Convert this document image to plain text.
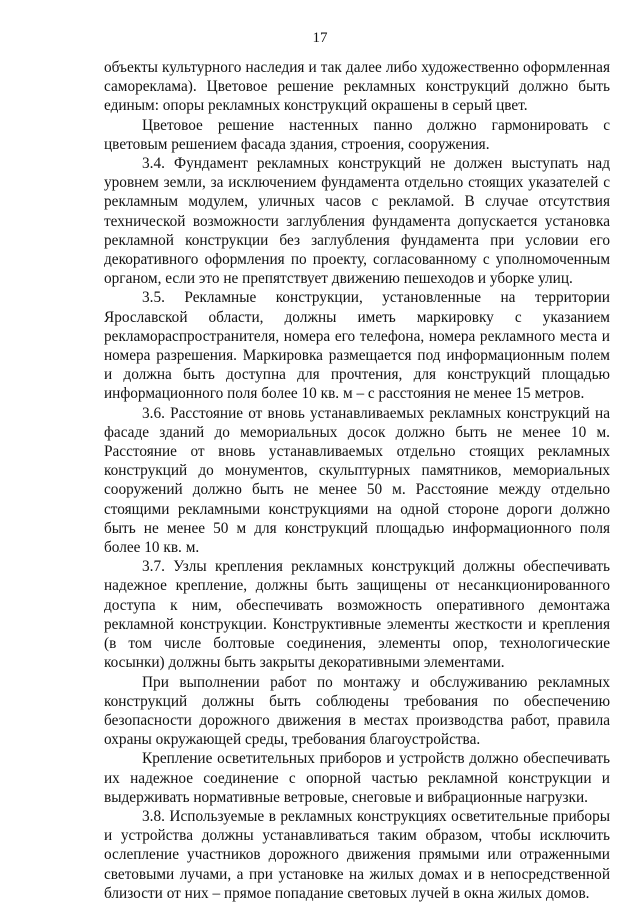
17

объекты культурного наследия и так далее либо художественно оформленная самореклама). Цветовое решение рекламных конструкций должно быть единым: опоры рекламных конструкций окрашены в серый цвет.

Цветовое решение настенных панно должно гармонировать с цветовым решением фасада здания, строения, сооружения.

3.4. Фундамент рекламных конструкций не должен выступать над уровнем земли, за исключением фундамента отдельно стоящих указателей с рекламным модулем, уличных часов с рекламой. В случае отсутствия технической возможности заглубления фундамента допускается установка рекламной конструкции без заглубления фундамента при условии его декоративного оформления по проекту, согласованному с уполномоченным органом, если это не препятствует движению пешеходов и уборке улиц.

3.5. Рекламные конструкции, установленные на территории Ярославской области, должны иметь маркировку с указанием рекламораспространителя, номера его телефона, номера рекламного места и номера разрешения. Маркировка размещается под информационным полем и должна быть доступна для прочтения, для конструкций площадью информационного поля более 10 кв. м – с расстояния не менее 15 метров.

3.6. Расстояние от вновь устанавливаемых рекламных конструкций на фасаде зданий до мемориальных досок должно быть не менее 10 м. Расстояние от вновь устанавливаемых отдельно стоящих рекламных конструкций до монументов, скульптурных памятников, мемориальных сооружений должно быть не менее 50 м. Расстояние между отдельно стоящими рекламными конструкциями на одной стороне дороги должно быть не менее 50 м для конструкций площадью информационного поля более 10 кв. м.

3.7. Узлы крепления рекламных конструкций должны обеспечивать надежное крепление, должны быть защищены от несанкционированного доступа к ним, обеспечивать возможность оперативного демонтажа рекламной конструкции. Конструктивные элементы жесткости и крепления (в том числе болтовые соединения, элементы опор, технологические косынки) должны быть закрыты декоративными элементами.

При выполнении работ по монтажу и обслуживанию рекламных конструкций должны быть соблюдены требования по обеспечению безопасности дорожного движения в местах производства работ, правила охраны окружающей среды, требования благоустройства.

Крепление осветительных приборов и устройств должно обеспечивать их надежное соединение с опорной частью рекламной конструкции и выдерживать нормативные ветровые, снеговые и вибрационные нагрузки.

3.8. Используемые в рекламных конструкциях осветительные приборы и устройства должны устанавливаться таким образом, чтобы исключить ослепление участников дорожного движения прямыми или отраженными световыми лучами, а при установке на жилых домах и в непосредственной близости от них – прямое попадание световых лучей в окна жилых домов.
